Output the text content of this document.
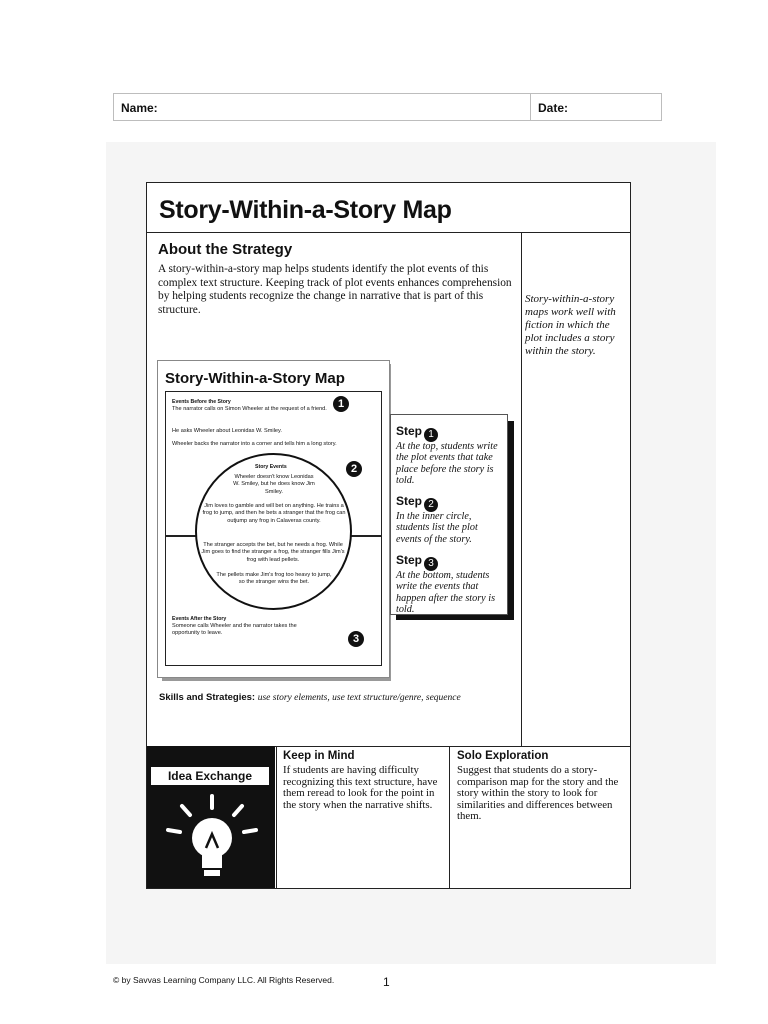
Name:	Date:
Story-Within-a-Story Map
About the Strategy
A story-within-a-story map helps students identify the plot events of this complex text structure. Keeping track of plot events enhances comprehension by helping students recognize the change in narrative that is part of this structure.
Story-within-a-story maps work well with fiction in which the plot includes a story within the story.
Story-Within-a-Story Map
Events Before the Story
The narrator calls on Simon Wheeler at the request of a friend.
He asks Wheeler about Leonidas W. Smiley.
Wheeler backs the narrator into a corner and tells him a long story.
1
2
3
Story Events
Wheeler doesn't know Leonidas W. Smiley, but he does know Jim Smiley.
Jim loves to gamble and will bet on anything. He trains a frog to jump, and then he bets a stranger that the frog can outjump any frog in Calaveras county.
The stranger accepts the bet, but he needs a frog. While Jim goes to find the stranger a frog, the stranger fills Jim's frog with lead pellets.
The pellets make Jim's frog too heavy to jump, so the stranger wins the bet.
Events After the Story
Someone calls Wheeler and the narrator takes the opportunity to leave.
Step 1
At the top, students write the plot events that take place before the story is told.
Step 2
In the inner circle, students list the plot events of the story.
Step 3
At the bottom, students write the events that happen after the story is told.
Skills and Strategies: use story elements, use text structure/genre, sequence
Idea Exchange
Keep in Mind
If students are having difficulty recognizing this text structure, have them reread to look for the point in the story when the narrative shifts.
Solo Exploration
Suggest that students do a story-comparison map for the story and the story within the story to look for similarities and differences between them.
© by Savvas Learning Company LLC. All Rights Reserved.	1
